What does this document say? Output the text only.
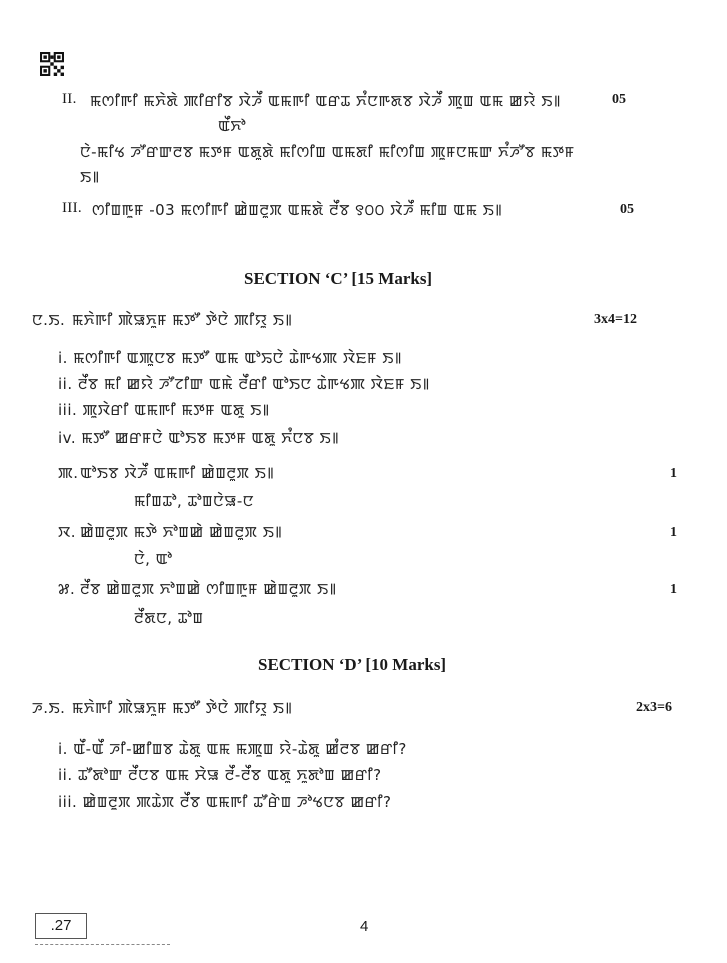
II. ꯃꯁꯤꯒꯤ ꯃꯈꯥꯗꯥ ꯄꯤꯔꯤꯕ ꯋꯥꯍꯩ ꯑꯃꯒꯤ ꯑꯔꯊ ꯈꯪꯅꯒꯗꯕ ꯋꯥꯍꯩ ꯄꯨꯡ ꯑꯃ ꯀꯌꯥ ꯏ꯫	05
ꯑꯩꯈꯣ
ꯅꯥ-ꯃꯤꯠ ꯍꯧꯔꯛꯂꯕ ꯃꯇꯝ ꯑꯗꯨꯗꯥ ꯃꯤꯁꯤꯡ ꯑꯃꯗꯤ ꯃꯤꯁꯤꯡ ꯄꯨꯝꯅꯃꯛ ꯈꯪꯍꯧꯕ ꯃꯇꯝ
ꯏ꯫
III. ꯁꯤꯡꯒꯨꯝ -03 ꯃꯁꯤꯒꯤ ꯀꯥꯡꯂꯨꯞ ꯑꯃꯗꯥ ꯂꯩꯕ ꯱꯰꯰ ꯋꯥꯍꯩ ꯃꯤꯡ ꯑꯃ ꯏ꯫	05
SECTION ‘C’ [15 Marks]
ꯅ.ꯏ. ꯃꯈꯥꯒꯤ ꯄꯥꯎꯈꯨꯝ ꯃꯇꯧ ꯇꯥꯅꯥ ꯄꯤꯌꯨ ꯏ꯫	3x4=12
i. ꯃꯁꯤꯒꯤ ꯑꯄꯨꯅꯕ ꯃꯇꯧ ꯑꯃ ꯑꯣꯢꯅꯥ ꯊꯥꯒꯠꯄ ꯋꯥꯐꯝ ꯏ꯫
ii. ꯂꯩꯕ ꯃꯤ ꯀꯌꯥ ꯍꯧꯖꯤꯛ ꯑꯃꯥ ꯂꯩꯔꯤ ꯑꯣꯏꯅ ꯊꯥꯒꯠꯄ ꯋꯥꯐꯝ ꯏ꯫
iii. ꯄꯨꯋꯥꯔꯤ ꯑꯃꯒꯤ ꯃꯇꯝ ꯑꯗꯨ ꯏ꯫
iv. ꯃꯇꯧ ꯀꯔꯝꯅꯥ ꯑꯣꯏꯕ ꯃꯇꯝ ꯑꯗꯨ ꯈꯪꯅꯕ ꯏ꯫
ꯄ. ꯑꯣꯏꯕ ꯋꯥꯍꯩ ꯑꯃꯒꯤ ꯀꯥꯡꯂꯨꯞ ꯏ꯫	1
ꯃꯤꯡꯊꯣ, ꯊꯣꯡꯅꯥꯎ-ꯅ
ꯋ. ꯀꯥꯡꯂꯨꯞ ꯃꯇꯥ ꯈꯣꯡꯀꯥ ꯀꯥꯡꯂꯨꯞ ꯏ꯫	1
ꯅꯥ, ꯑꯣ
꯷. ꯂꯩꯕ ꯀꯥꯡꯂꯨꯞ ꯈꯣꯡꯀꯥ ꯁꯤꯡꯒꯨꯝ ꯀꯥꯡꯂꯨꯞ ꯏ꯫	1
ꯂꯩꯗꯅ, ꯊꯣꯡ
SECTION ‘D’ [10 Marks]
ꯍ.ꯏ. ꯃꯈꯥꯒꯤ ꯄꯥꯎꯈꯨꯝ ꯃꯇꯧ ꯇꯥꯅꯥ ꯄꯤꯌꯨ ꯏ꯫	2x3=6
i. ꯑꯩ-ꯑꯩ ꯍꯤ-ꯀꯤꯡꯕ ꯊꯥꯗꯨ ꯑꯃ ꯃꯄꯨꯡ ꯌꯥ-ꯊꯥꯗꯨ ꯀꯪꯂꯕ ꯀꯔꯤ?
ii. ꯊꯧꯗꯣꯛ ꯂꯩꯅꯕ ꯑꯃ ꯆꯥꯎ ꯂꯩ-ꯂꯩꯕ ꯑꯗꯨ ꯈꯨꯗꯣꯡ ꯀꯔꯤ?
iii. ꯀꯥꯡꯂꯨꯞ ꯄꯊꯥꯞ ꯂꯩꯕ ꯑꯃꯒꯤ ꯊꯧꯔꯥꯡ ꯍꯣꯠꯅꯕ ꯀꯔꯤ?
.27	4
